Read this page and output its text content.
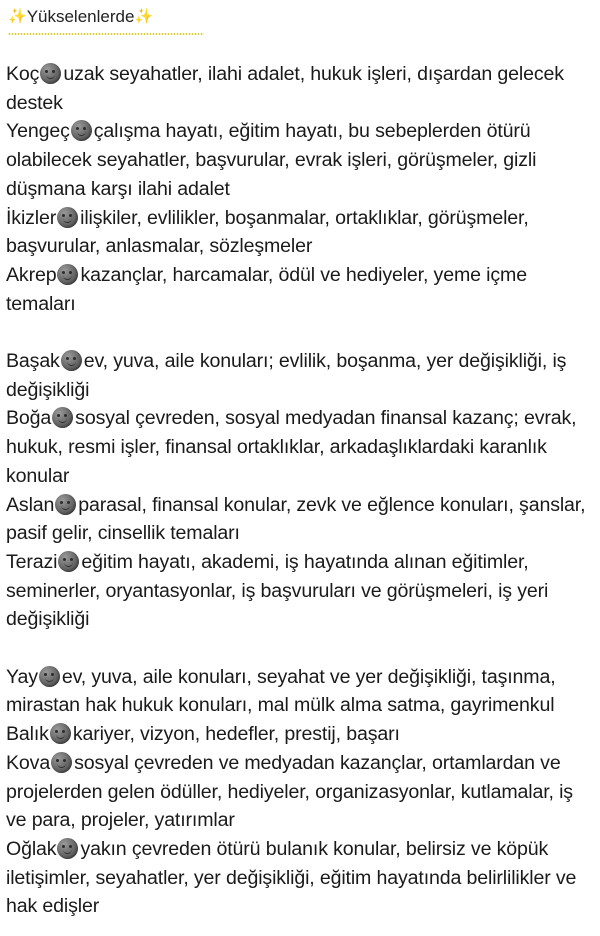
✨Yükselenlerde✨

Koç uzak seyahatler, ilahi adalet, hukuk işleri, dışardan gelecek destek

Yengeç çalışma hayatı, eğitim hayatı, bu sebeplerden ötürü olabilecek seyahatler, başvurular, evrak işleri, görüşmeler, gizli düşmana karşı ilahi adalet

İkizler ilişkiler, evlilikler, boşanmalar, ortaklıklar, görüşmeler, başvurular, anlasmalar, sözleşmeler

Akrep kazançlar, harcamalar, ödül ve hediyeler, yeme içme temaları

Başak ev, yuva, aile konuları; evlilik, boşanma, yer değişikliği, iş değişikliği

Boğa sosyal çevreden, sosyal medyadan finansal kazanç; evrak, hukuk, resmi işler, finansal ortaklıklar, arkadaşlıklardaki karanlık konular

Aslan parasal, finansal konular, zevk ve eğlence konuları, şanslar, pasif gelir, cinsellik temaları

Terazi eğitim hayatı, akademi, iş hayatında alınan eğitimler, seminerler, oryantasyonlar, iş başvuruları ve görüşmeleri, iş yeri değişikliği

Yay ev, yuva, aile konuları, seyahat ve yer değişikliği, taşınma, mirastan hak hukuk konuları, mal mülk alma satma, gayrimenkul

Balık kariyer, vizyon, hedefler, prestij, başarı

Kova sosyal çevreden ve medyadan kazançlar, ortamlardan ve projelerden gelen ödüller, hediyeler, organizasyonlar, kutlamalar, iş ve para, projeler, yatırımlar

Oğlak yakın çevreden ötürü bulanık konular, belirsiz ve köpük iletişimler, seyahatler, yer değişikliği, eğitim hayatında belirlilikler ve hak edişler
